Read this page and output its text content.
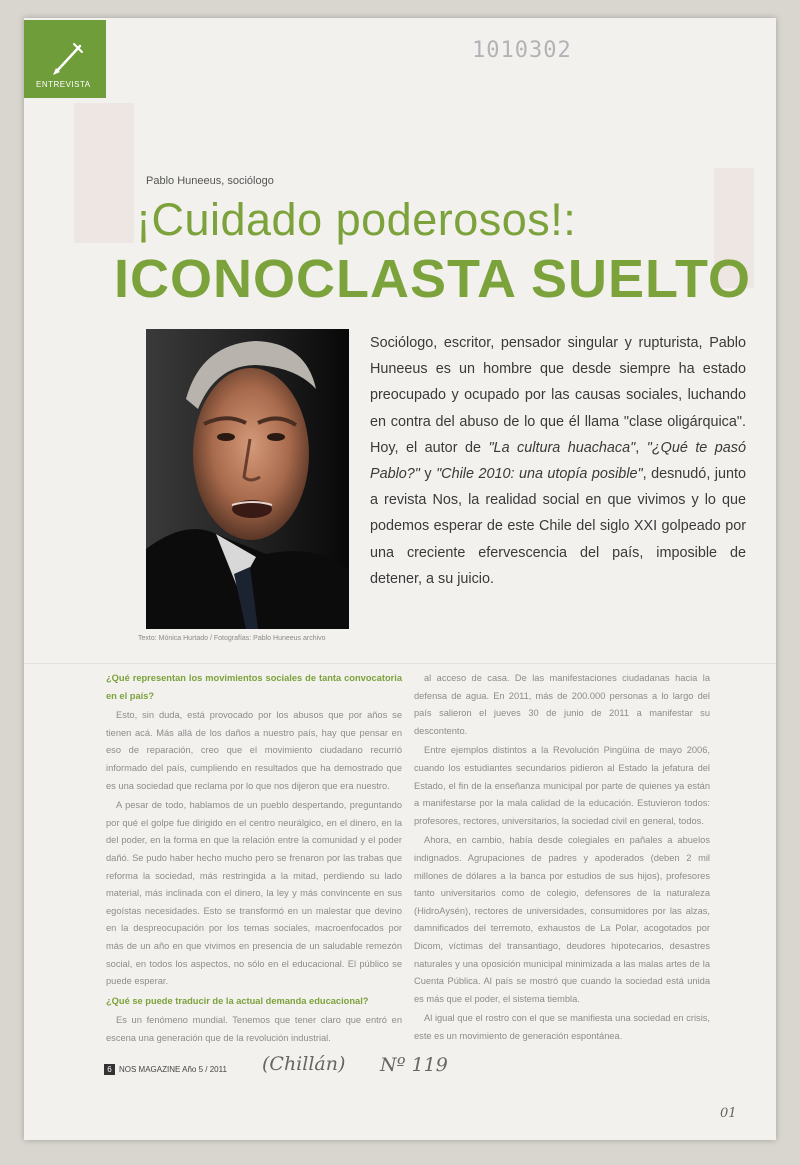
ENTREVISTA
1010302
Pablo Huneeus, sociólogo
¡Cuidado poderosos!:
ICONOCLASTA SUELTO
Texto: Mónica Hurtado / Fotografías: Pablo Huneeus archivo
Sociólogo, escritor, pensador singular y rupturista, Pablo Huneeus es un hombre que desde siempre ha estado preocupado y ocupado por las causas sociales, luchando en contra del abuso de lo que él llama "clase oligárquica". Hoy, el autor de "La cultura huachaca", "¿Qué te pasó Pablo?" y "Chile 2010: una utopía posible", desnudó, junto a revista Nos, la realidad social en que vivimos y lo que podemos esperar de este Chile del siglo XXI golpeado por una creciente efervescencia del país, imposible de detener, a su juicio.

¿Qué representan los movimientos sociales de tanta convocatoria en el país?

Esto, sin duda, está provocado por los abusos que por años se tienen acá. Más allá de los daños a nuestro país, hay que pensar en eso de reparación, creo que el movimiento ciudadano recurrió informado del país, cumpliendo en resultados que ha demostrado que es una sociedad que reclama por lo que nos dijeron que era nuestro.

A pesar de todo, hablamos de un pueblo despertando, preguntando por qué el golpe fue dirigido en el centro neurálgico, en el dinero, en la del poder, en la forma en que la relación entre la comunidad y el poder dañó. Se pudo haber hecho mucho pero se frenaron por las trabas que reforma la sociedad, más restringida a la mitad, perdiendo su lado material, más inclinada con el dinero, la ley y más convincente en sus egoístas necesidades. Esto se transformó en un malestar que devino en la despreocupación por los temas sociales, macroenfocados por más de un año en que vivimos en presencia de un saludable remezón social, en todos los aspectos, no sólo en el educacional. El público se puede esperar.

¿Qué se puede traducir de la actual demanda educacional?

Es un fenómeno mundial. Tenemos que tener claro que entró en escena una generación que de la revolución industrial.

al acceso de casa. De las manifestaciones ciudadanas hacia la defensa de agua. En 2011, más de 200.000 personas a lo largo del país salieron el jueves 30 de junio de 2011 a manifestar su descontento.

Entre ejemplos distintos a la Revolución Pingüina de mayo 2006, cuando los estudiantes secundarios pidieron al Estado la jefatura del Estado, el fin de la enseñanza municipal por parte de quienes ya están a manifestarse por la mala calidad de la educación. Estuvieron todos: profesores, rectores, universitarios, la sociedad civil en general, todos.

Ahora, en cambio, había desde colegiales en pañales a abuelos indignados. Agrupaciones de padres y apoderados (deben 2 mil millones de dólares a la banca por estudios de sus hijos), profesores tanto universitarios como de colegio, defensores de la naturaleza (HidroAysén), rectores de universidades, consumidores por las alzas, damnificados del terremoto, exhaustos de La Polar, acogotados por Dicom, víctimas del transantiago, deudores hipotecarios, desastres naturales y una oposición municipal minimizada a las malas artes de la Cuenta Pública. Al país se mostró que cuando la sociedad está unida es más que el poder, el sistema tiembla.

Al igual que el rostro con el que se manifiesta una sociedad en crisis, este es un movimiento de generación espontánea.

6 NOS MAGAZINE Año 5 / 2011 (Chillán) Nº 119
01
